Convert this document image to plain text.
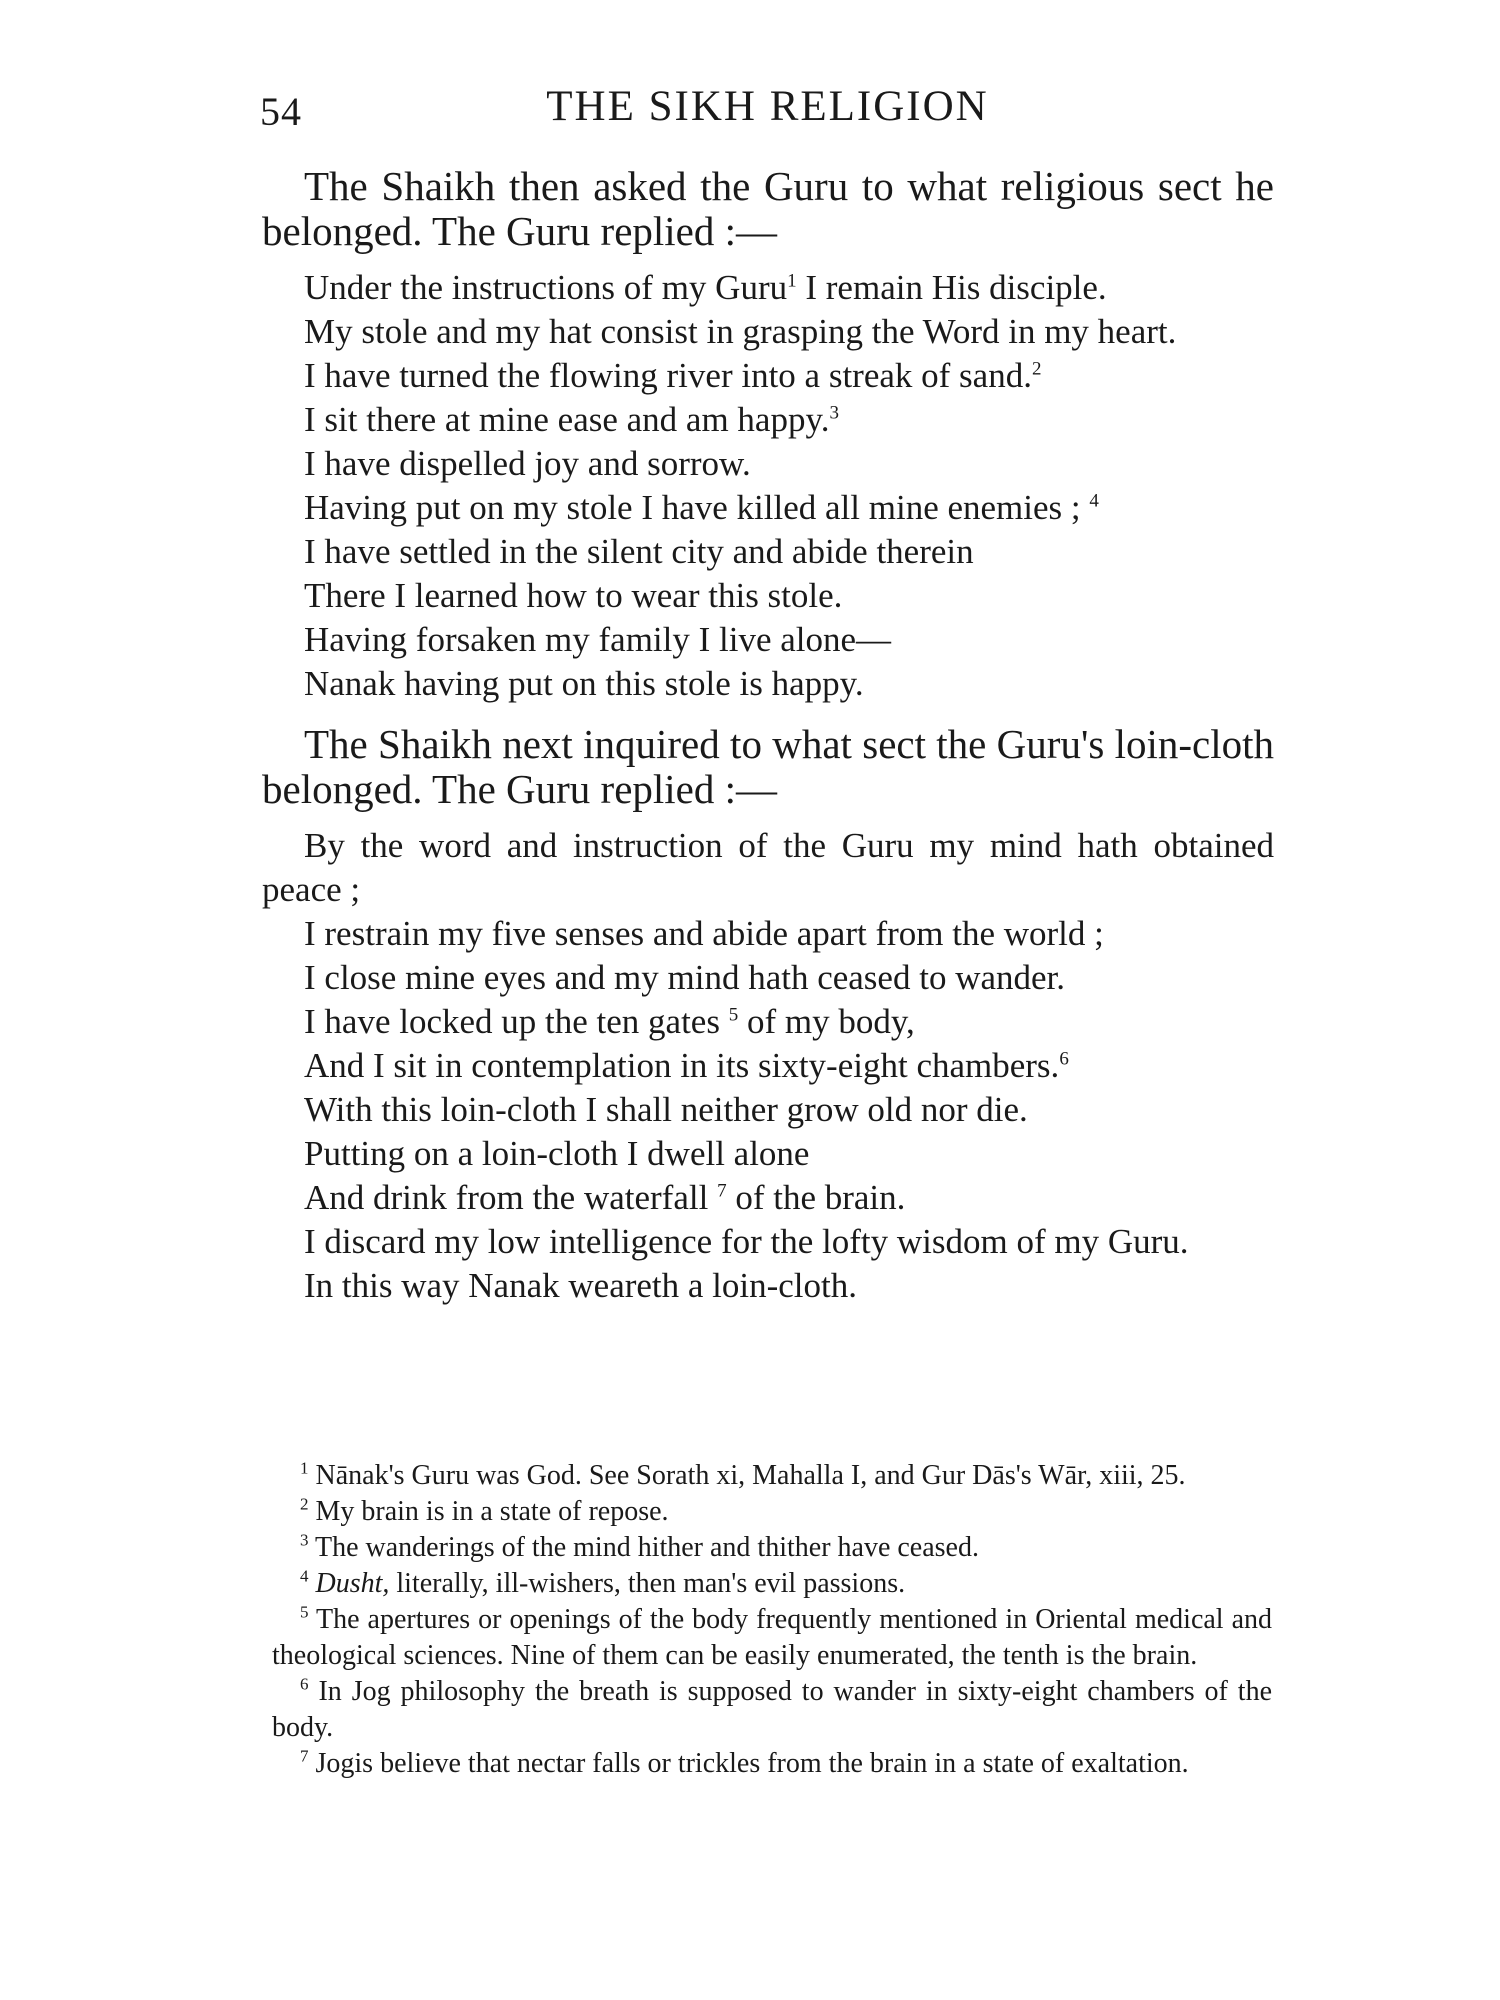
54	THE SIKH RELIGION

The Shaikh then asked the Guru to what religious sect he belonged. The Guru replied :—

Under the instructions of my Guru$^1$ I remain His disciple.

My stole and my hat consist in grasping the Word in my heart.

I have turned the flowing river into a streak of sand.$^2$

I sit there at mine ease and am happy.$^3$

I have dispelled joy and sorrow.

Having put on my stole I have killed all mine enemies ; $^4$

I have settled in the silent city and abide therein

There I learned how to wear this stole.

Having forsaken my family I live alone—

Nanak having put on this stole is happy.

The Shaikh next inquired to what sect the Guru's loin-cloth belonged. The Guru replied :—

By the word and instruction of the Guru my mind hath obtained peace ;

I restrain my five senses and abide apart from the world ;

I close mine eyes and my mind hath ceased to wander.

I have locked up the ten gates $^5$ of my body,

And I sit in contemplation in its sixty-eight chambers.$^6$

With this loin-cloth I shall neither grow old nor die.

Putting on a loin-cloth I dwell alone

And drink from the waterfall $^7$ of the brain.

I discard my low intelligence for the lofty wisdom of my Guru.

In this way Nanak weareth a loin-cloth.

$^1$ Nānak's Guru was God. See Sorath xi, Mahalla I, and Gur Dās's Wār, xiii, 25.

$^2$ My brain is in a state of repose.

$^3$ The wanderings of the mind hither and thither have ceased.

$^4$ Dusht, literally, ill-wishers, then man's evil passions.

$^5$ The apertures or openings of the body frequently mentioned in Oriental medical and theological sciences. Nine of them can be easily enumerated, the tenth is the brain.

$^6$ In Jog philosophy the breath is supposed to wander in sixty-eight chambers of the body.

$^7$ Jogis believe that nectar falls or trickles from the brain in a state of exaltation.
